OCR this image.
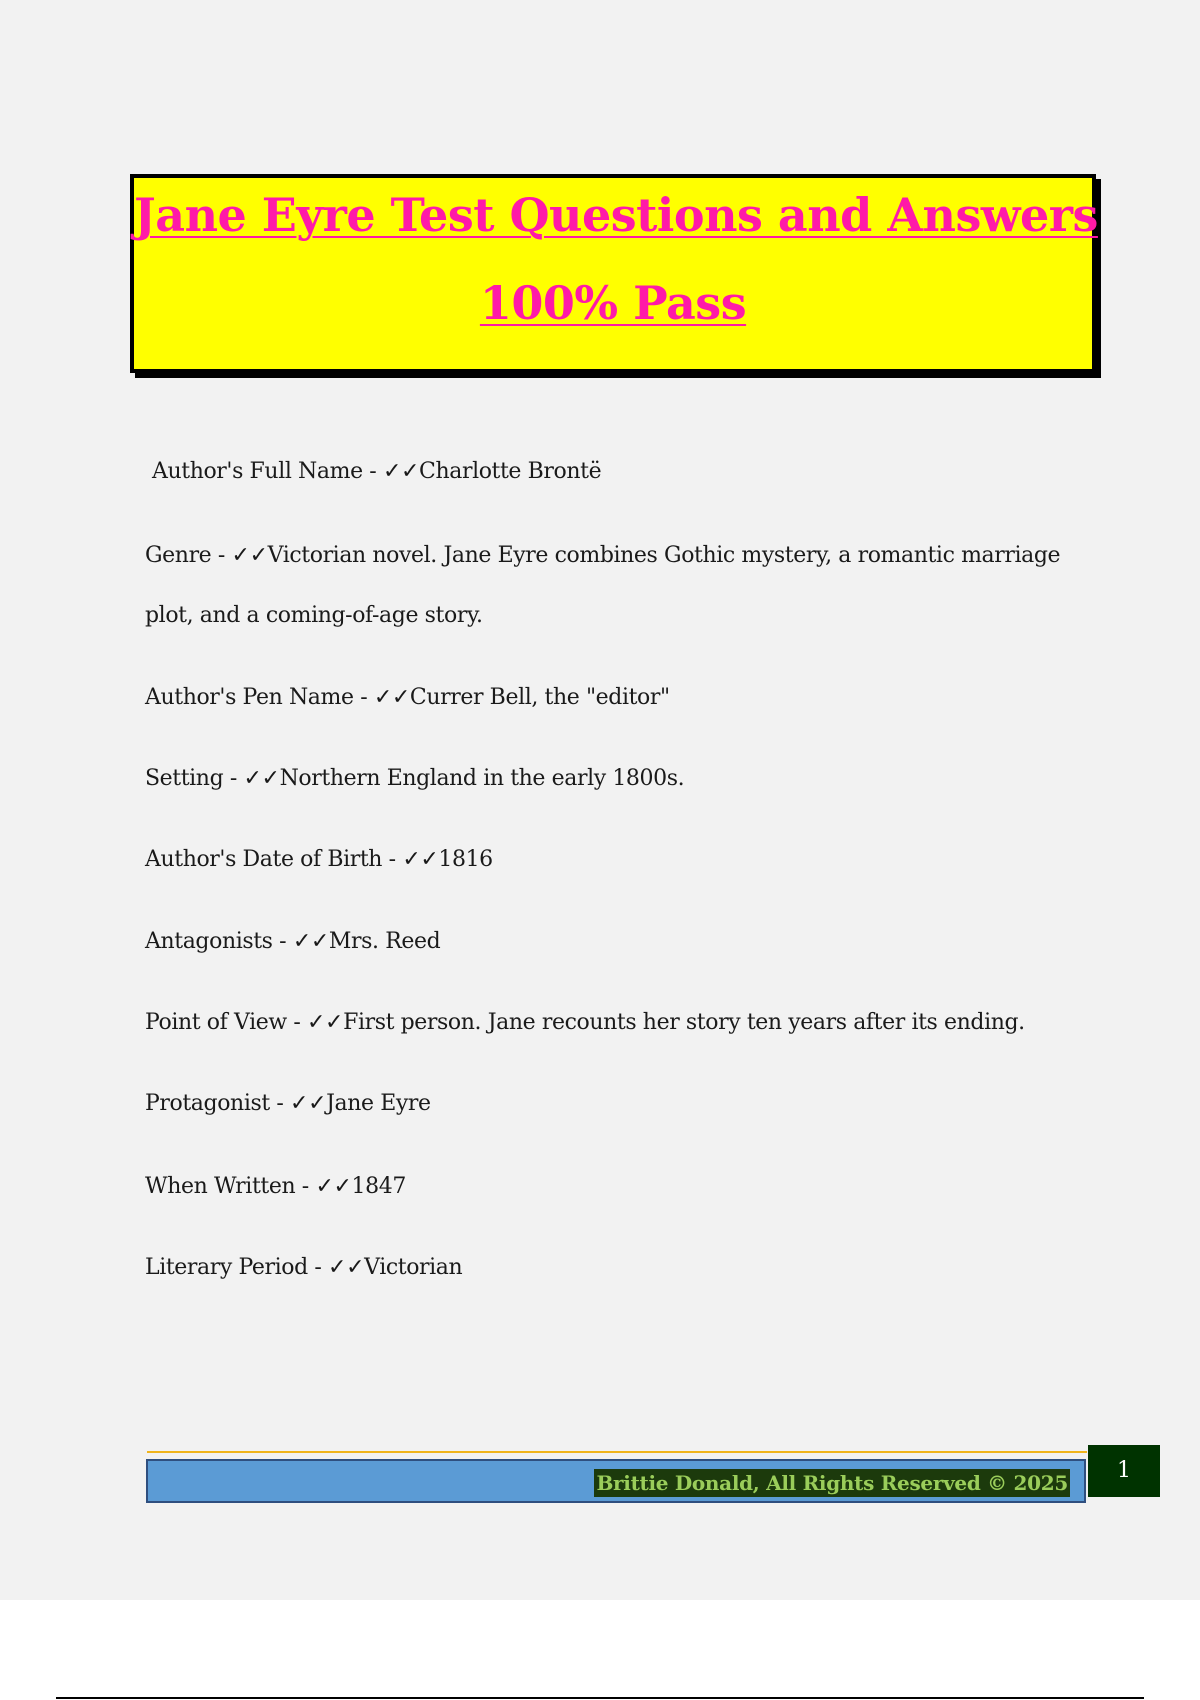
Jane Eyre Test Questions and Answers
100% Pass
Author's Full Name - ✓✓Charlotte Brontë
Genre - ✓✓Victorian novel. Jane Eyre combines Gothic mystery, a romantic marriage plot, and a coming-of-age story.
Author's Pen Name - ✓✓Currer Bell, the "editor"
Setting - ✓✓Northern England in the early 1800s.
Author's Date of Birth - ✓✓1816
Antagonists - ✓✓Mrs. Reed
Point of View - ✓✓First person. Jane recounts her story ten years after its ending.
Protagonist - ✓✓Jane Eyre
When Written - ✓✓1847
Literary Period - ✓✓Victorian
Brittie Donald, All Rights Reserved © 2025	1
